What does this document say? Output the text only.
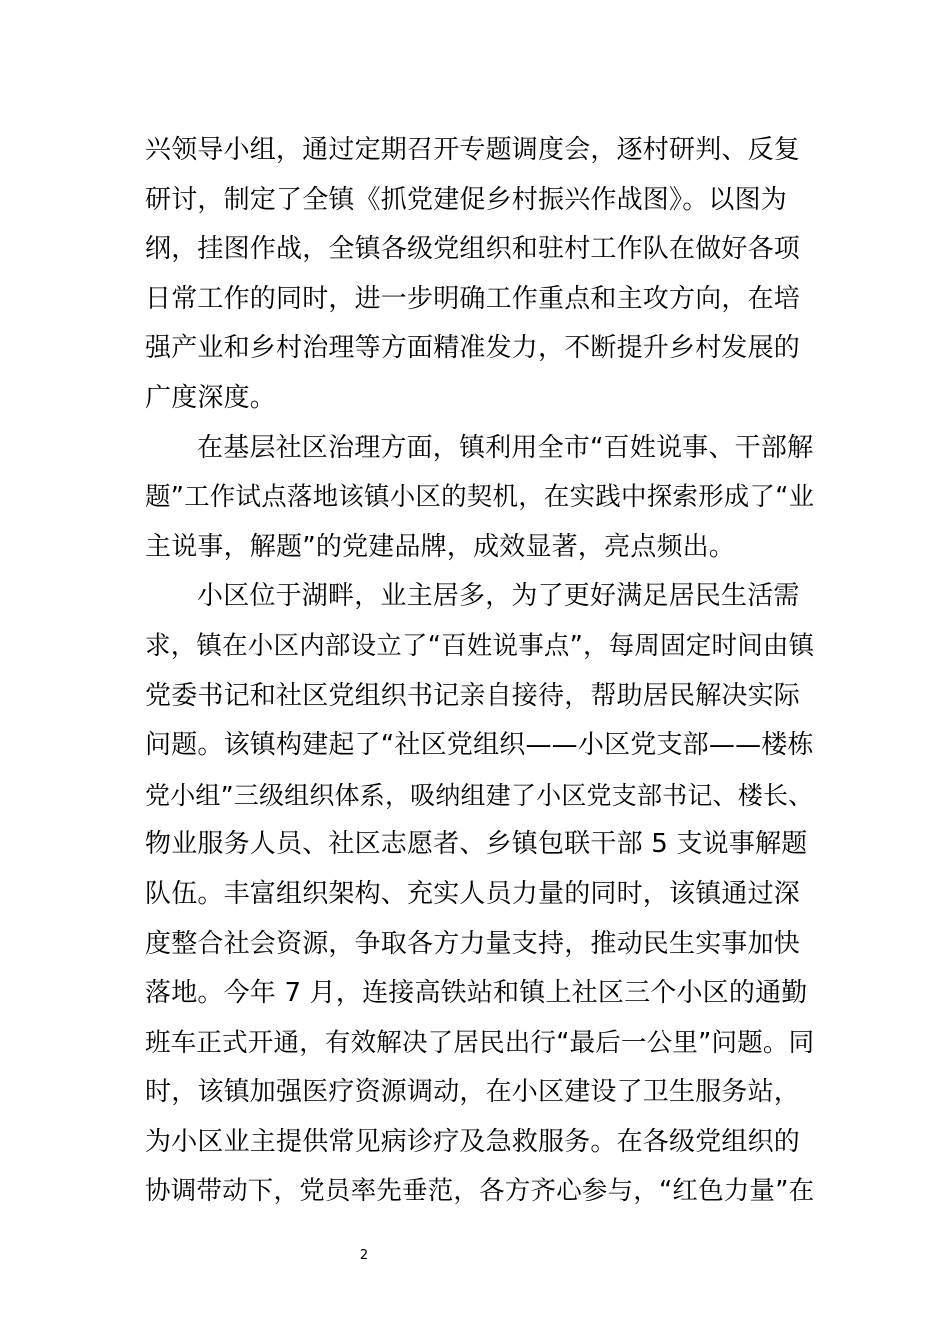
兴领导小组，通过定期召开专题调度会，逐村研判、反复
研讨，制定了全镇《抓党建促乡村振兴作战图》。以图为
纲，挂图作战，全镇各级党组织和驻村工作队在做好各项
日常工作的同时，进一步明确工作重点和主攻方向，在培
强产业和乡村治理等方面精准发力，不断提升乡村发展的
广度深度。
在基层社区治理方面，镇利用全市“百姓说事、干部解
题”工作试点落地该镇小区的契机，在实践中探索形成了“业
主说事，解题”的党建品牌，成效显著，亮点频出。
小区位于湖畔，业主居多，为了更好满足居民生活需
求，镇在小区内部设立了“百姓说事点”，每周固定时间由镇
党委书记和社区党组织书记亲自接待，帮助居民解决实际
问题。该镇构建起了“社区党组织——小区党支部——楼栋
党小组”三级组织体系，吸纳组建了小区党支部书记、楼长、
物业服务人员、社区志愿者、乡镇包联干部 5 支说事解题
队伍。丰富组织架构、充实人员力量的同时，该镇通过深
度整合社会资源，争取各方力量支持，推动民生实事加快
落地。今年 7 月，连接高铁站和镇上社区三个小区的通勤
班车正式开通，有效解决了居民出行“最后一公里”问题。同
时，该镇加强医疗资源调动，在小区建设了卫生服务站，
为小区业主提供常见病诊疗及急救服务。在各级党组织的
协调带动下，党员率先垂范，各方齐心参与，“红色力量”在
2
